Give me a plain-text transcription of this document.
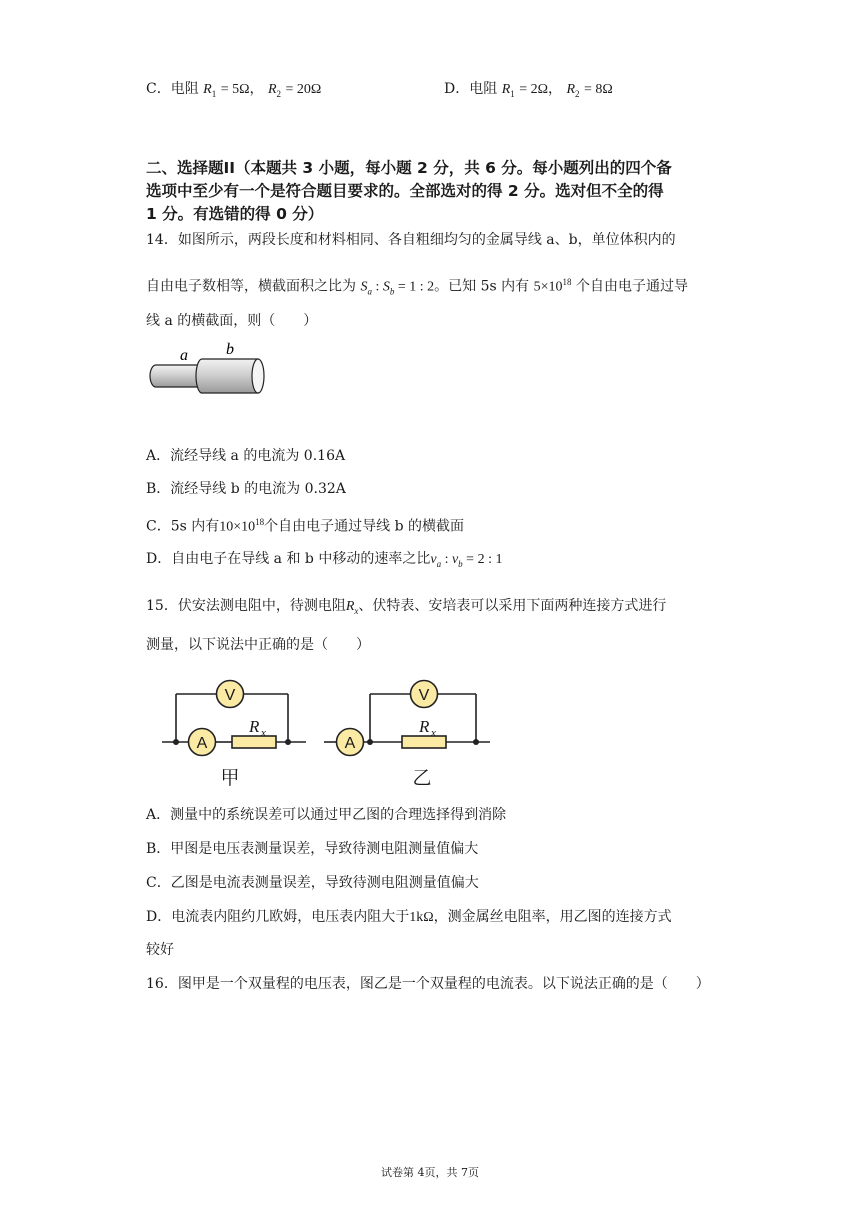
C．电阻 $R_1 = 5\Omega$， $R_2 = 20\Omega$	D．电阻 $R_1 = 2\Omega$， $R_2 = 8\Omega$
二、选择题II（本题共 3 小题，每小题 2 分，共 6 分。每小题列出的四个备
选项中至少有一个是符合题目要求的。全部选对的得 2 分。选对但不全的得
1 分。有选错的得 0 分）
14．如图所示，两段长度和材料相同、各自粗细均匀的金属导线 a、b，单位体积内的
自由电子数相等，横截面积之比为 $S_a$ : $S_b = 1$ : 2。已知 5s 内有 $5\times 10^{18}$ 个自由电子通过导
线 a 的横截面，则（　　）
a b
A．流经导线 a 的电流为 0.16A
B．流经导线 b 的电流为 0.32A
C．5s 内有$10\times 10^{18}$个自由电子通过导线 b 的横截面
D．自由电子在导线 a 和 b 中移动的速率之比$v_a$ : $v_b = 2$ : 1
15．伏安法测电阻中，待测电阻$R_x$、伏特表、安培表可以采用下面两种连接方式进行
测量，以下说法中正确的是（　　）
V
A
V
A
R x	R x
甲	乙
A．测量中的系统误差可以通过甲乙图的合理选择得到消除
B．甲图是电压表测量误差，导致待测电阻测量值偏大
C．乙图是电流表测量误差，导致待测电阻测量值偏大
D．电流表内阻约几欧姆，电压表内阻大于1kΩ，测金属丝电阻率，用乙图的连接方式
较好
16．图甲是一个双量程的电压表，图乙是一个双量程的电流表。以下说法正确的是（　　）
试卷第 4页，共 7页
